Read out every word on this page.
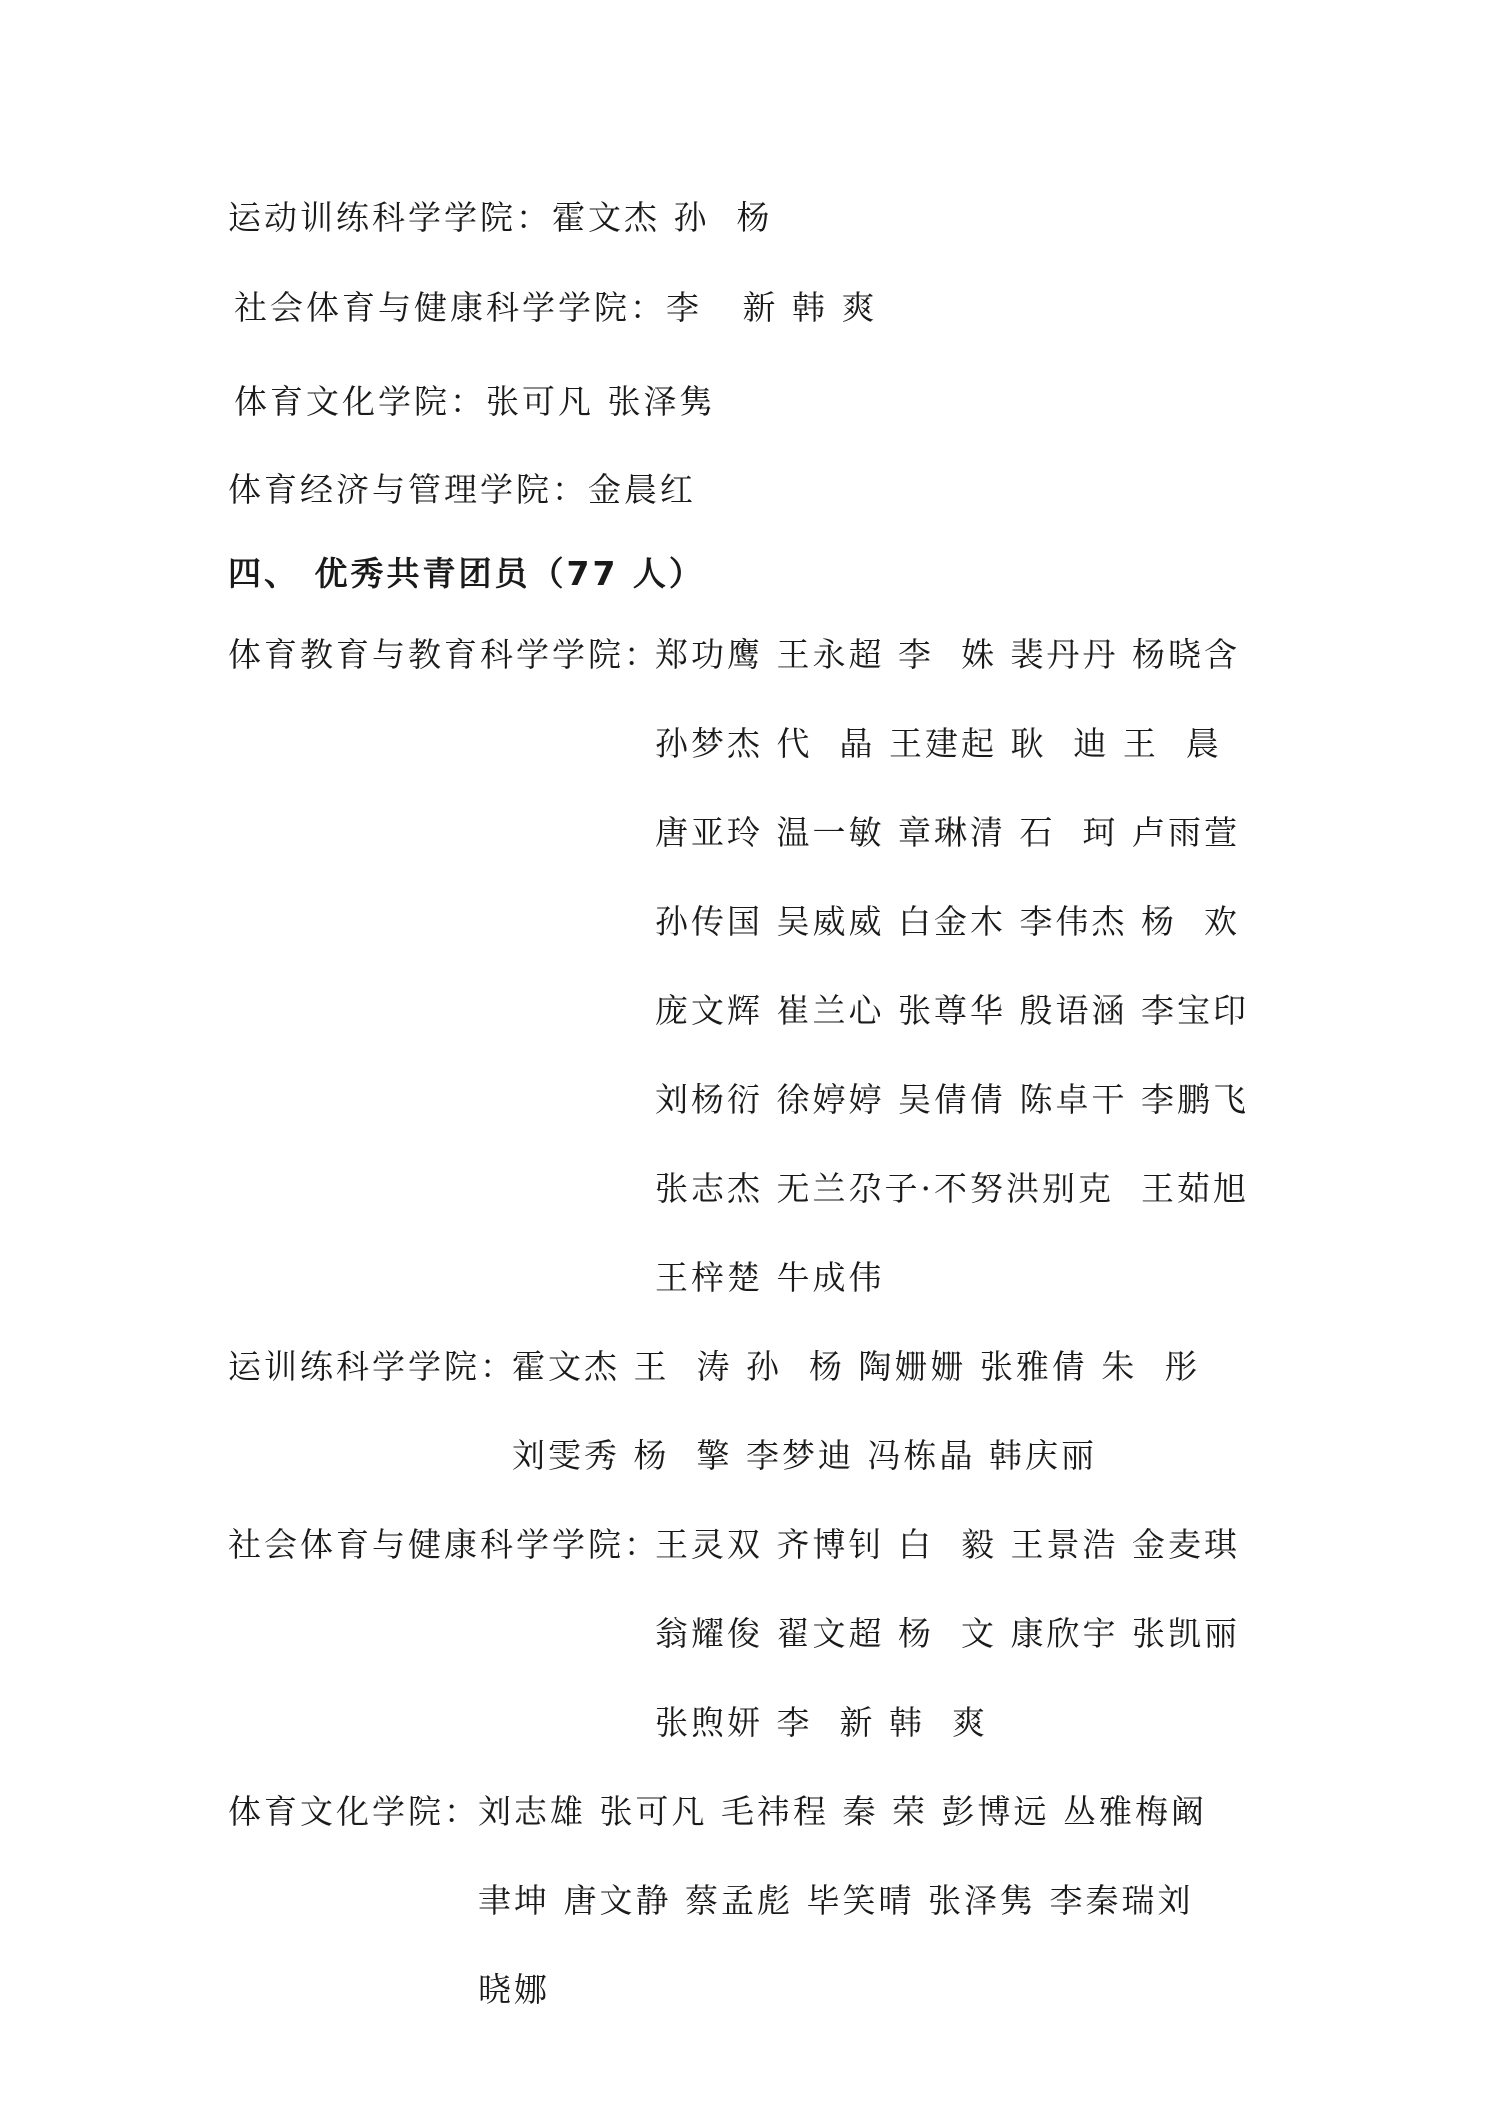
运动训练科学学院：霍文杰 孙  杨
社会体育与健康科学学院：李   新 韩 爽
体育文化学院：张可凡 张泽隽
体育经济与管理学院：金晨红
四、 优秀共青团员（77 人）
体育教育与教育科学学院：
郑功鹰 王永超 李  姝 裴丹丹 杨晓含
孙梦杰 代  晶 王建起 耿  迪 王  晨
唐亚玲 温一敏 章琳清 石  珂 卢雨萱
孙传国 吴威威 白金木 李伟杰 杨  欢
庞文辉 崔兰心 张尊华 殷语涵 李宝印
刘杨衍 徐婷婷 吴倩倩 陈卓干 李鹏飞
张志杰 无兰尕子·不努洪别克  王茹旭
王梓楚 牛成伟
运训练科学学院：
霍文杰 王  涛 孙  杨 陶姗姗 张雅倩 朱  彤
刘雯秀 杨  擎 李梦迪 冯栋晶 韩庆丽
社会体育与健康科学学院：
王灵双 齐博钊 白  毅 王景浩 金麦琪
翁耀俊 翟文超 杨  文 康欣宇 张凯丽
张煦妍 李  新 韩  爽
体育文化学院：
刘志雄 张可凡 毛祎程 秦 荣 彭博远 丛雅梅阚
聿坤 唐文静 蔡孟彪 毕笑晴 张泽隽 李秦瑞刘
晓娜
